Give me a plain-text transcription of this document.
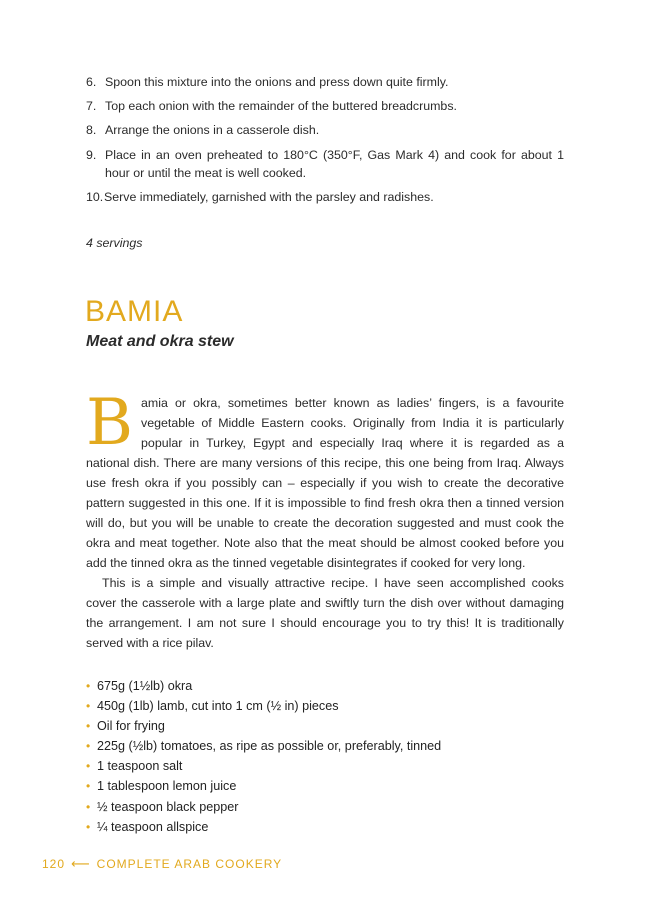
6. Spoon this mixture into the onions and press down quite firmly.
7. Top each onion with the remainder of the buttered breadcrumbs.
8. Arrange the onions in a casserole dish.
9. Place in an oven preheated to 180°C (350°F, Gas Mark 4) and cook for about 1 hour or until the meat is well cooked.
10. Serve immediately, garnished with the parsley and radishes.
4 servings
BAMIA
Meat and okra stew

Bamia or okra, sometimes better known as ladies’ fingers, is a favourite vegetable of Middle Eastern cooks. Originally from India it is particularly popular in Turkey, Egypt and especially Iraq where it is regarded as a national dish. There are many versions of this recipe, this one being from Iraq. Always use fresh okra if you possibly can – especially if you wish to create the decorative pattern suggested in this one. If it is impossible to find fresh okra then a tinned version will do, but you will be unable to create the decoration suggested and must cook the okra and meat together. Note also that the meat should be almost cooked before you add the tinned okra as the tinned vegetable disintegrates if cooked for very long.

This is a simple and visually attractive recipe. I have seen accomplished cooks cover the casserole with a large plate and swiftly turn the dish over without damaging the arrangement. I am not sure I should encourage you to try this! It is traditionally served with a rice pilav.

• 675g (1½lb) okra
• 450g (1lb) lamb, cut into 1 cm (½ in) pieces
• Oil for frying
• 225g (½lb) tomatoes, as ripe as possible or, preferably, tinned
• 1 teaspoon salt
• 1 tablespoon lemon juice
• ½ teaspoon black pepper
• ¼ teaspoon allspice
120 ⟵ COMPLETE ARAB COOKERY
